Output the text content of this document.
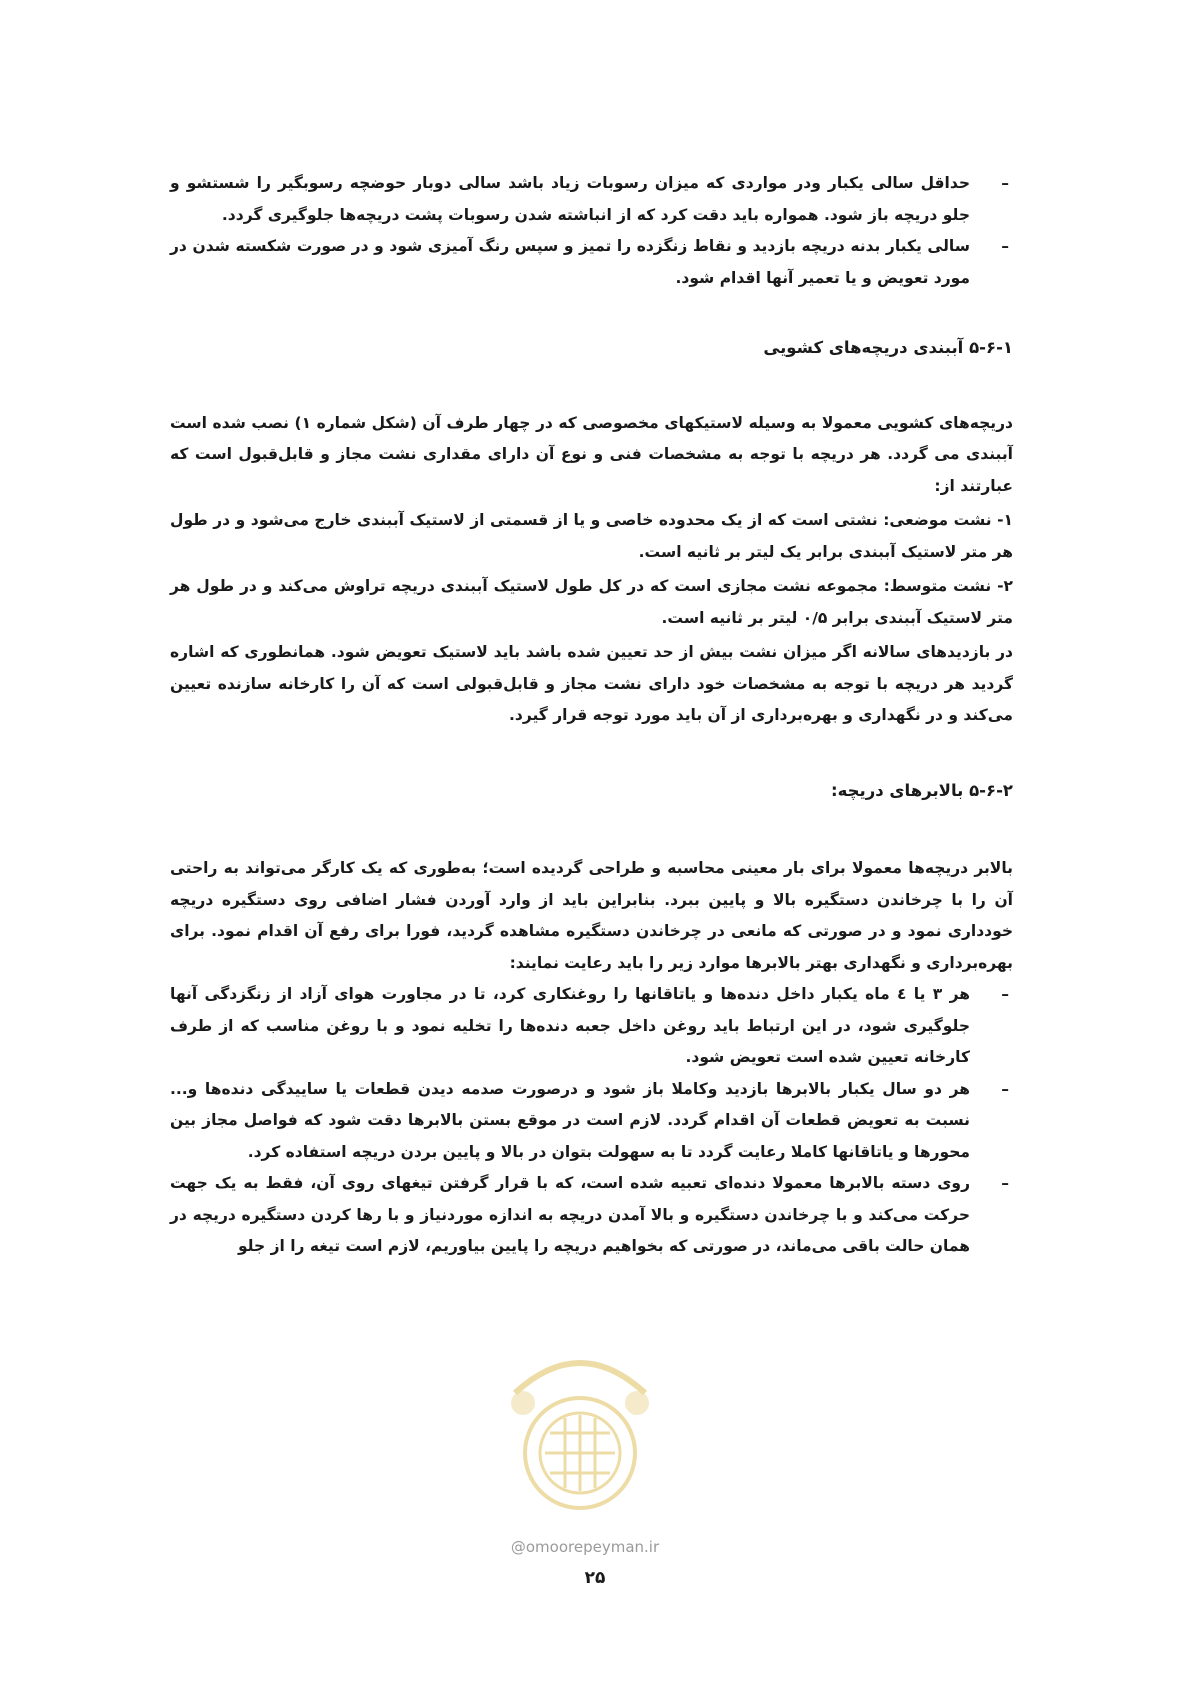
–
حداقل سالی یکبار ودر مواردی که میزان رسوبات زیاد باشد سالی دوبار حوضچه رسوبگیر را شستشو و جلو دریچه باز شود. همواره باید دقت کرد که از انباشته شدن رسوبات پشت دریچه‌ها جلوگیری گردد.

–
سالی یکبار بدنه دریچه بازدید و نقاط زنگزده را تمیز و سپس رنگ آمیزی شود و در صورت شکسته شدن در مورد تعویض و یا تعمیر آنها اقدام شود.

۵-۶-۱ آببندی دریچه‌های کشویی

دریچه‌های کشویی معمولا به وسیله لاستیکهای مخصوصی که در چهار طرف آن (شکل شماره ۱) نصب شده است آببندی می گردد. هر دریچه با توجه به مشخصات فنی و نوع آن دارای مقداری نشت مجاز و قابل‌قبول است که عبارتند از:

۱- نشت موضعی: نشتی است که از یک محدوده خاصی و یا از قسمتی از لاستیک آببندی خارج می‌شود و در طول هر متر لاستیک آببندی برابر یک لیتر بر ثانیه است.

۲- نشت متوسط: مجموعه نشت مجازی است که در کل طول لاستیک آببندی دریچه تراوش می‌کند و در طول هر متر لاستیک آببندی برابر ۰/۵ لیتر بر ثانیه است.

در بازدیدهای سالانه اگر میزان نشت بیش از حد تعیین شده باشد باید لاستیک تعویض شود. همانطوری که اشاره گردید هر دریچه با توجه به مشخصات خود دارای نشت مجاز و قابل‌قبولی است که آن را کارخانه سازنده تعیین می‌کند و در نگهداری و بهره‌برداری از آن باید مورد توجه قرار گیرد.

۵-۶-۲ بالابرهای دریچه:

بالابر دریچه‌ها معمولا برای بار معینی محاسبه و طراحی گردیده است؛ به‌طوری که یک کارگر می‌تواند به راحتی آن را با چرخاندن دستگیره بالا و پایین ببرد. بنابراین باید از وارد آوردن فشار اضافی روی دستگیره دریچه خودداری نمود و در صورتی که مانعی در چرخاندن دستگیره مشاهده گردید، فورا برای رفع آن اقدام نمود. برای بهره‌برداری و نگهداری بهتر بالابرها موارد زیر را باید رعایت نمایند:

–
هر ۳ یا ٤ ماه یکبار داخل دنده‌ها و یاتاقانها را روغنکاری کرد، تا در مجاورت هوای آزاد از زنگزدگی آنها جلوگیری شود، در این ارتباط باید روغن داخل جعبه دنده‌ها را تخلیه نمود و با روغن مناسب که از طرف کارخانه تعیین شده است تعویض شود.

–
هر دو سال یکبار بالابرها بازدید وکاملا باز شود و درصورت صدمه دیدن قطعات یا ساییدگی دنده‌ها و... نسبت به تعویض قطعات آن اقدام گردد. لازم است در موقع بستن بالابرها دقت شود که فواصل مجاز بین محورها و یاتاقانها کاملا رعایت گردد تا به سهولت بتوان در بالا و پایین بردن دریچه استفاده کرد.

–
روی دسته بالابرها معمولا دنده‌ای تعبیه شده است، که با قرار گرفتن تیغهای روی آن، فقط به یک جهت حرکت می‌کند و با چرخاندن دستگیره و بالا آمدن دریچه به اندازه موردنیاز و با رها کردن دستگیره دریچه در همان حالت باقی می‌ماند، در صورتی که بخواهیم دریچه را پایین بیاوریم، لازم است تیغه را از جلو

@omoorepeyman.ir
۲۵
